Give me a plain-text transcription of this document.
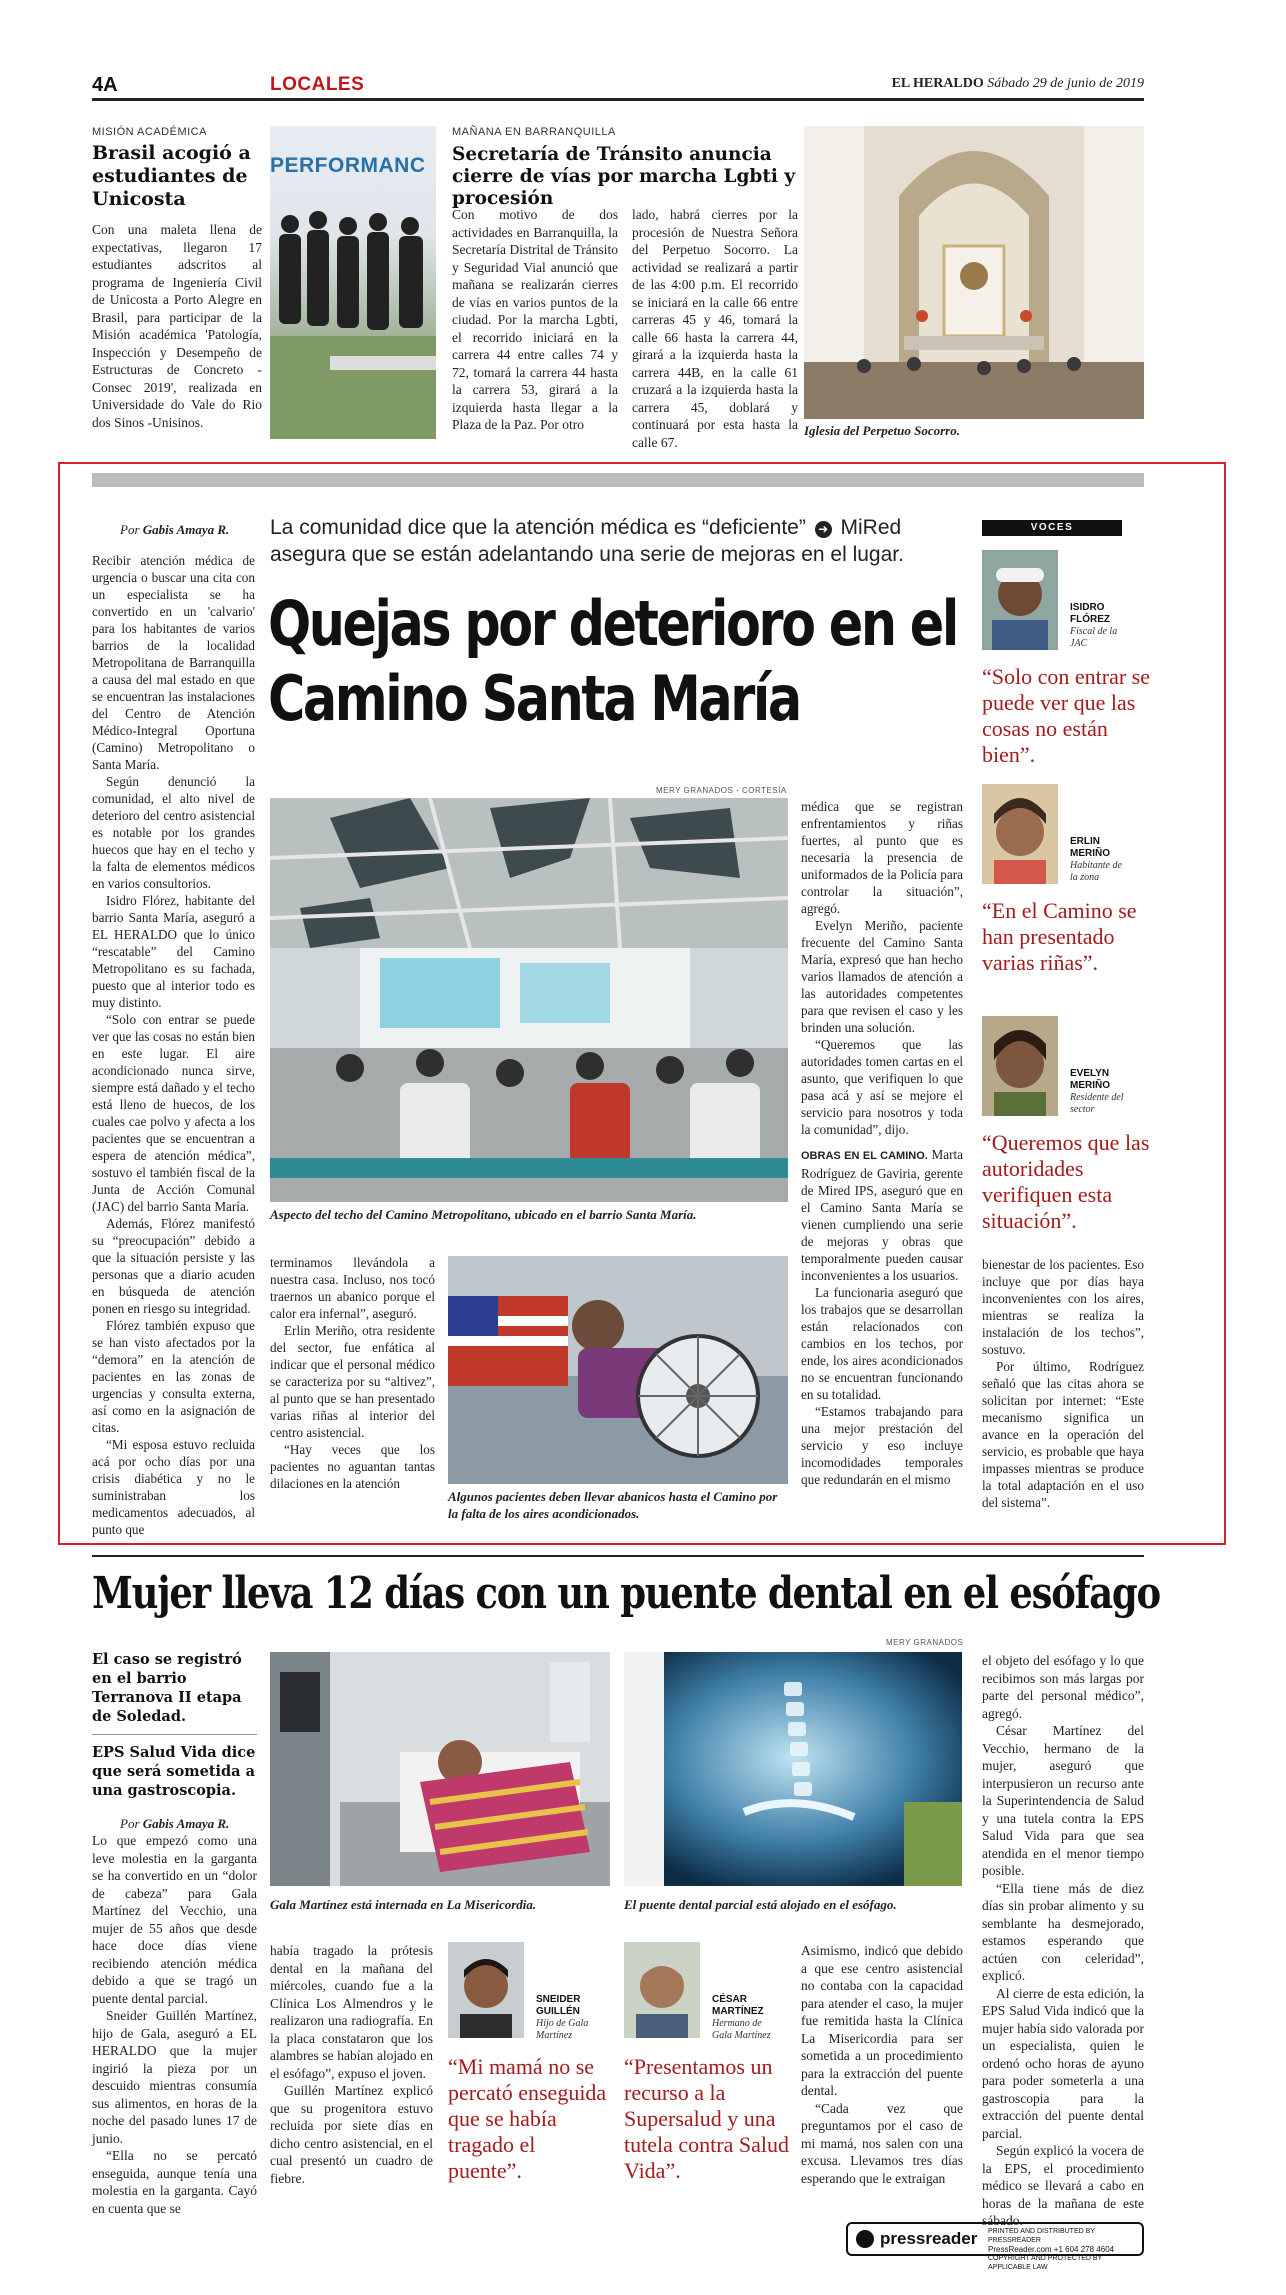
4A	LOCALES	EL HERALDO Sábado 29 de junio de 2019
MISIÓN ACADÉMICA
Brasil acogió a estudiantes de Unicosta
Con una maleta llena de expectativas, llegaron 17 estudiantes adscritos al programa de Ingeniería Civil de Unicosta a Porto Alegre en Brasil, para participar de la Misión académica 'Patología, Inspección y Desempeño de Estructuras de Concreto - Consec 2019', realizada en Universidade do Vale do Rio dos Sinos -Unisinos.
PERFORMANC
MAÑANA EN BARRANQUILLA
Secretaría de Tránsito anuncia cierre de vías por marcha Lgbti y procesión
Con motivo de dos actividades en Barranquilla, la Secretaría Distrital de Tránsito y Seguridad Vial anunció que mañana se realizarán cierres de vías en varios puntos de la ciudad. Por la marcha Lgbti, el recorrido iniciará en la carrera 44 entre calles 74 y 72, tomará la carrera 44 hasta la carrera 53, girará a la izquierda hasta llegar a la Plaza de la Paz. Por otro
lado, habrá cierres por la procesión de Nuestra Señora del Perpetuo Socorro. La actividad se realizará a partir de las 4:00 p.m. El recorrido se iniciará en la calle 66 entre carreras 45 y 46, tomará la calle 66 hasta la carrera 44, girará a la izquierda hasta la carrera 44B, en la calle 61 cruzará a la izquierda hasta la carrera 45, doblará y continuará por esta hasta la calle 67.
Iglesia del Perpetuo Socorro.
Por Gabis Amaya R. La comunidad dice que la atención médica es “deficiente” ➜ MiRed asegura que se están adelantando una serie de mejoras en el lugar.
Quejas por deterioro en el Camino Santa María

Recibir atención médica de urgencia o buscar una cita con un especialista se ha convertido en un 'calvario' para los habitantes de varios barrios de la localidad Metropolitana de Barranquilla a causa del mal estado en que se encuentran las instalaciones del Centro de Atención Médico-Integral Oportuna (Camino) Metropolitano o Santa María.

Según denunció la comunidad, el alto nivel de deterioro del centro asistencial es notable por los grandes huecos que hay en el techo y la falta de elementos médicos en varios consultorios.

Isidro Flórez, habitante del barrio Santa María, aseguró a EL HERALDO que lo único “rescatable” del Camino Metropolitano es su fachada, puesto que al interior todo es muy distinto.

“Solo con entrar se puede ver que las cosas no están bien en este lugar. El aire acondicionado nunca sirve, siempre está dañado y el techo está lleno de huecos, de los cuales cae polvo y afecta a los pacientes que se encuentran a espera de atención médica”, sostuvo el también fiscal de la Junta de Acción Comunal (JAC) del barrio Santa María.

Además, Flórez manifestó su “preocupación” debido a que la situación persiste y las personas que a diario acuden en búsqueda de atención ponen en riesgo su integridad.

Flórez también expuso que se han visto afectados por la “demora” en la atención de pacientes en las zonas de urgencias y consulta externa, así como en la asignación de citas.

“Mi esposa estuvo recluida acá por ocho días por una crisis diabética y no le suministraban los medicamentos adecuados, al punto que

MERY GRANADOS - CORTESÍA
Aspecto del techo del Camino Metropolitano, ubicado en el barrio Santa María.

terminamos llevándola a nuestra casa. Incluso, nos tocó traernos un abanico porque el calor era infernal”, aseguró.

Erlin Meriño, otra residente del sector, fue enfática al indicar que el personal médico se caracteriza por su “altivez”, al punto que se han presentado varias riñas al interior del centro asistencial.

“Hay veces que los pacientes no aguantan tantas dilaciones en la atención

Algunos pacientes deben llevar abanicos hasta el Camino por la falta de los aires acondicionados.

médica que se registran enfrentamientos y riñas fuertes, al punto que es necesaria la presencia de uniformados de la Policía para controlar la situación”, agregó.

Evelyn Meriño, paciente frecuente del Camino Santa María, expresó que han hecho varios llamados de atención a las autoridades competentes para que revisen el caso y les brinden una solución.

“Queremos que las autoridades tomen cartas en el asunto, que verifiquen lo que pasa acá y así se mejore el servicio para nosotros y toda la comunidad”, dijo.

OBRAS EN EL CAMINO. Marta Rodríguez de Gaviria, gerente de Mired IPS, aseguró que en el Camino Santa María se vienen cumpliendo una serie de mejoras y obras que temporalmente pueden causar inconvenientes a los usuarios.

La funcionaria aseguró que los trabajos que se desarrollan están relacionados con cambios en los techos, por ende, los aires acondicionados no se encuentran funcionando en su totalidad.

“Estamos trabajando para una mejor prestación del servicio y eso incluye incomodidades temporales que redundarán en el mismo

bienestar de los pacientes. Eso incluye que por días haya inconvenientes con los aires, mientras se realiza la instalación de los techos”, sostuvo.

Por último, Rodríguez señaló que las citas ahora se solicitan por internet: “Este mecanismo significa un avance en la operación del servicio, es probable que haya impasses mientras se produce la total adaptación en el uso del sistema”.

VOCES
ISIDRO FLÓREZ
Fiscal de la JAC
“Solo con entrar se puede ver que las cosas no están bien”.
ERLIN MERIÑO
Habitante de la zona
“En el Camino se han presentado varias riñas”.
EVELYN MERIÑO
Residente del sector
“Queremos que las autoridades verifiquen esta situación”.
Mujer lleva 12 días con un puente dental en el esófago
El caso se registró en el barrio Terranova II etapa de Soledad.
EPS Salud Vida dice que será sometida a una gastroscopia.
Por Gabis Amaya R.

Lo que empezó como una leve molestia en la garganta se ha convertido en un “dolor de cabeza” para Gala Martínez del Vecchio, una mujer de 55 años que desde hace doce días viene recibiendo atención médica debido a que se tragó un puente dental parcial.

Sneider Guillén Martínez, hijo de Gala, aseguró a EL HERALDO que la mujer ingirió la pieza por un descuido mientras consumía sus alimentos, en horas de la noche del pasado lunes 17 de junio.

“Ella no se percató enseguida, aunque tenía una molestia en la garganta. Cayó en cuenta que se

MERY GRANADOS
Gala Martínez está internada en La Misericordia.	El puente dental parcial está alojado en el esófago.

había tragado la prótesis dental en la mañana del miércoles, cuando fue a la Clínica Los Almendros y le realizaron una radiografía. En la placa constataron que los alambres se habían alojado en el esófago”, expuso el joven.

Guillén Martínez explicó que su progenitora estuvo recluida por siete días en dicho centro asistencial, en el cual presentó un cuadro de fiebre.

SNEIDER GUILLÉN
Hijo de Gala Martínez
“Mi mamá no se percató enseguida que se había tragado el puente”.
CÉSAR MARTÍNEZ
Hermano de Gala Martínez
“Presentamos un recurso a la Supersalud y una tutela contra Salud Vida”.

Asimismo, indicó que debido a que ese centro asistencial no contaba con la capacidad para atender el caso, la mujer fue remitida hasta la Clínica La Misericordia para ser sometida a un procedimiento para la extracción del puente dental.

“Cada vez que preguntamos por el caso de mi mamá, nos salen con una excusa. Llevamos tres días esperando que le extraigan

el objeto del esófago y lo que recibimos son más largas por parte del personal médico”, agregó.

César Martínez del Vecchio, hermano de la mujer, aseguró que interpusieron un recurso ante la Superintendencia de Salud y una tutela contra la EPS Salud Vida para que sea atendida en el menor tiempo posible.

“Ella tiene más de diez días sin probar alimento y su semblante ha desmejorado, estamos esperando que actúen con celeridad”, explicó.

Al cierre de esta edición, la EPS Salud Vida indicó que la mujer había sido valorada por un especialista, quien le ordenó ocho horas de ayuno para poder someterla a una gastroscopia para la extracción del puente dental parcial.

Según explicó la vocera de la EPS, el procedimiento médico se llevará a cabo en horas de la mañana de este sábado.

pressreader PRINTED AND DISTRIBUTED BY PRESSREADER
PressReader.com +1 604 278 4604
COPYRIGHT AND PROTECTED BY APPLICABLE LAW
